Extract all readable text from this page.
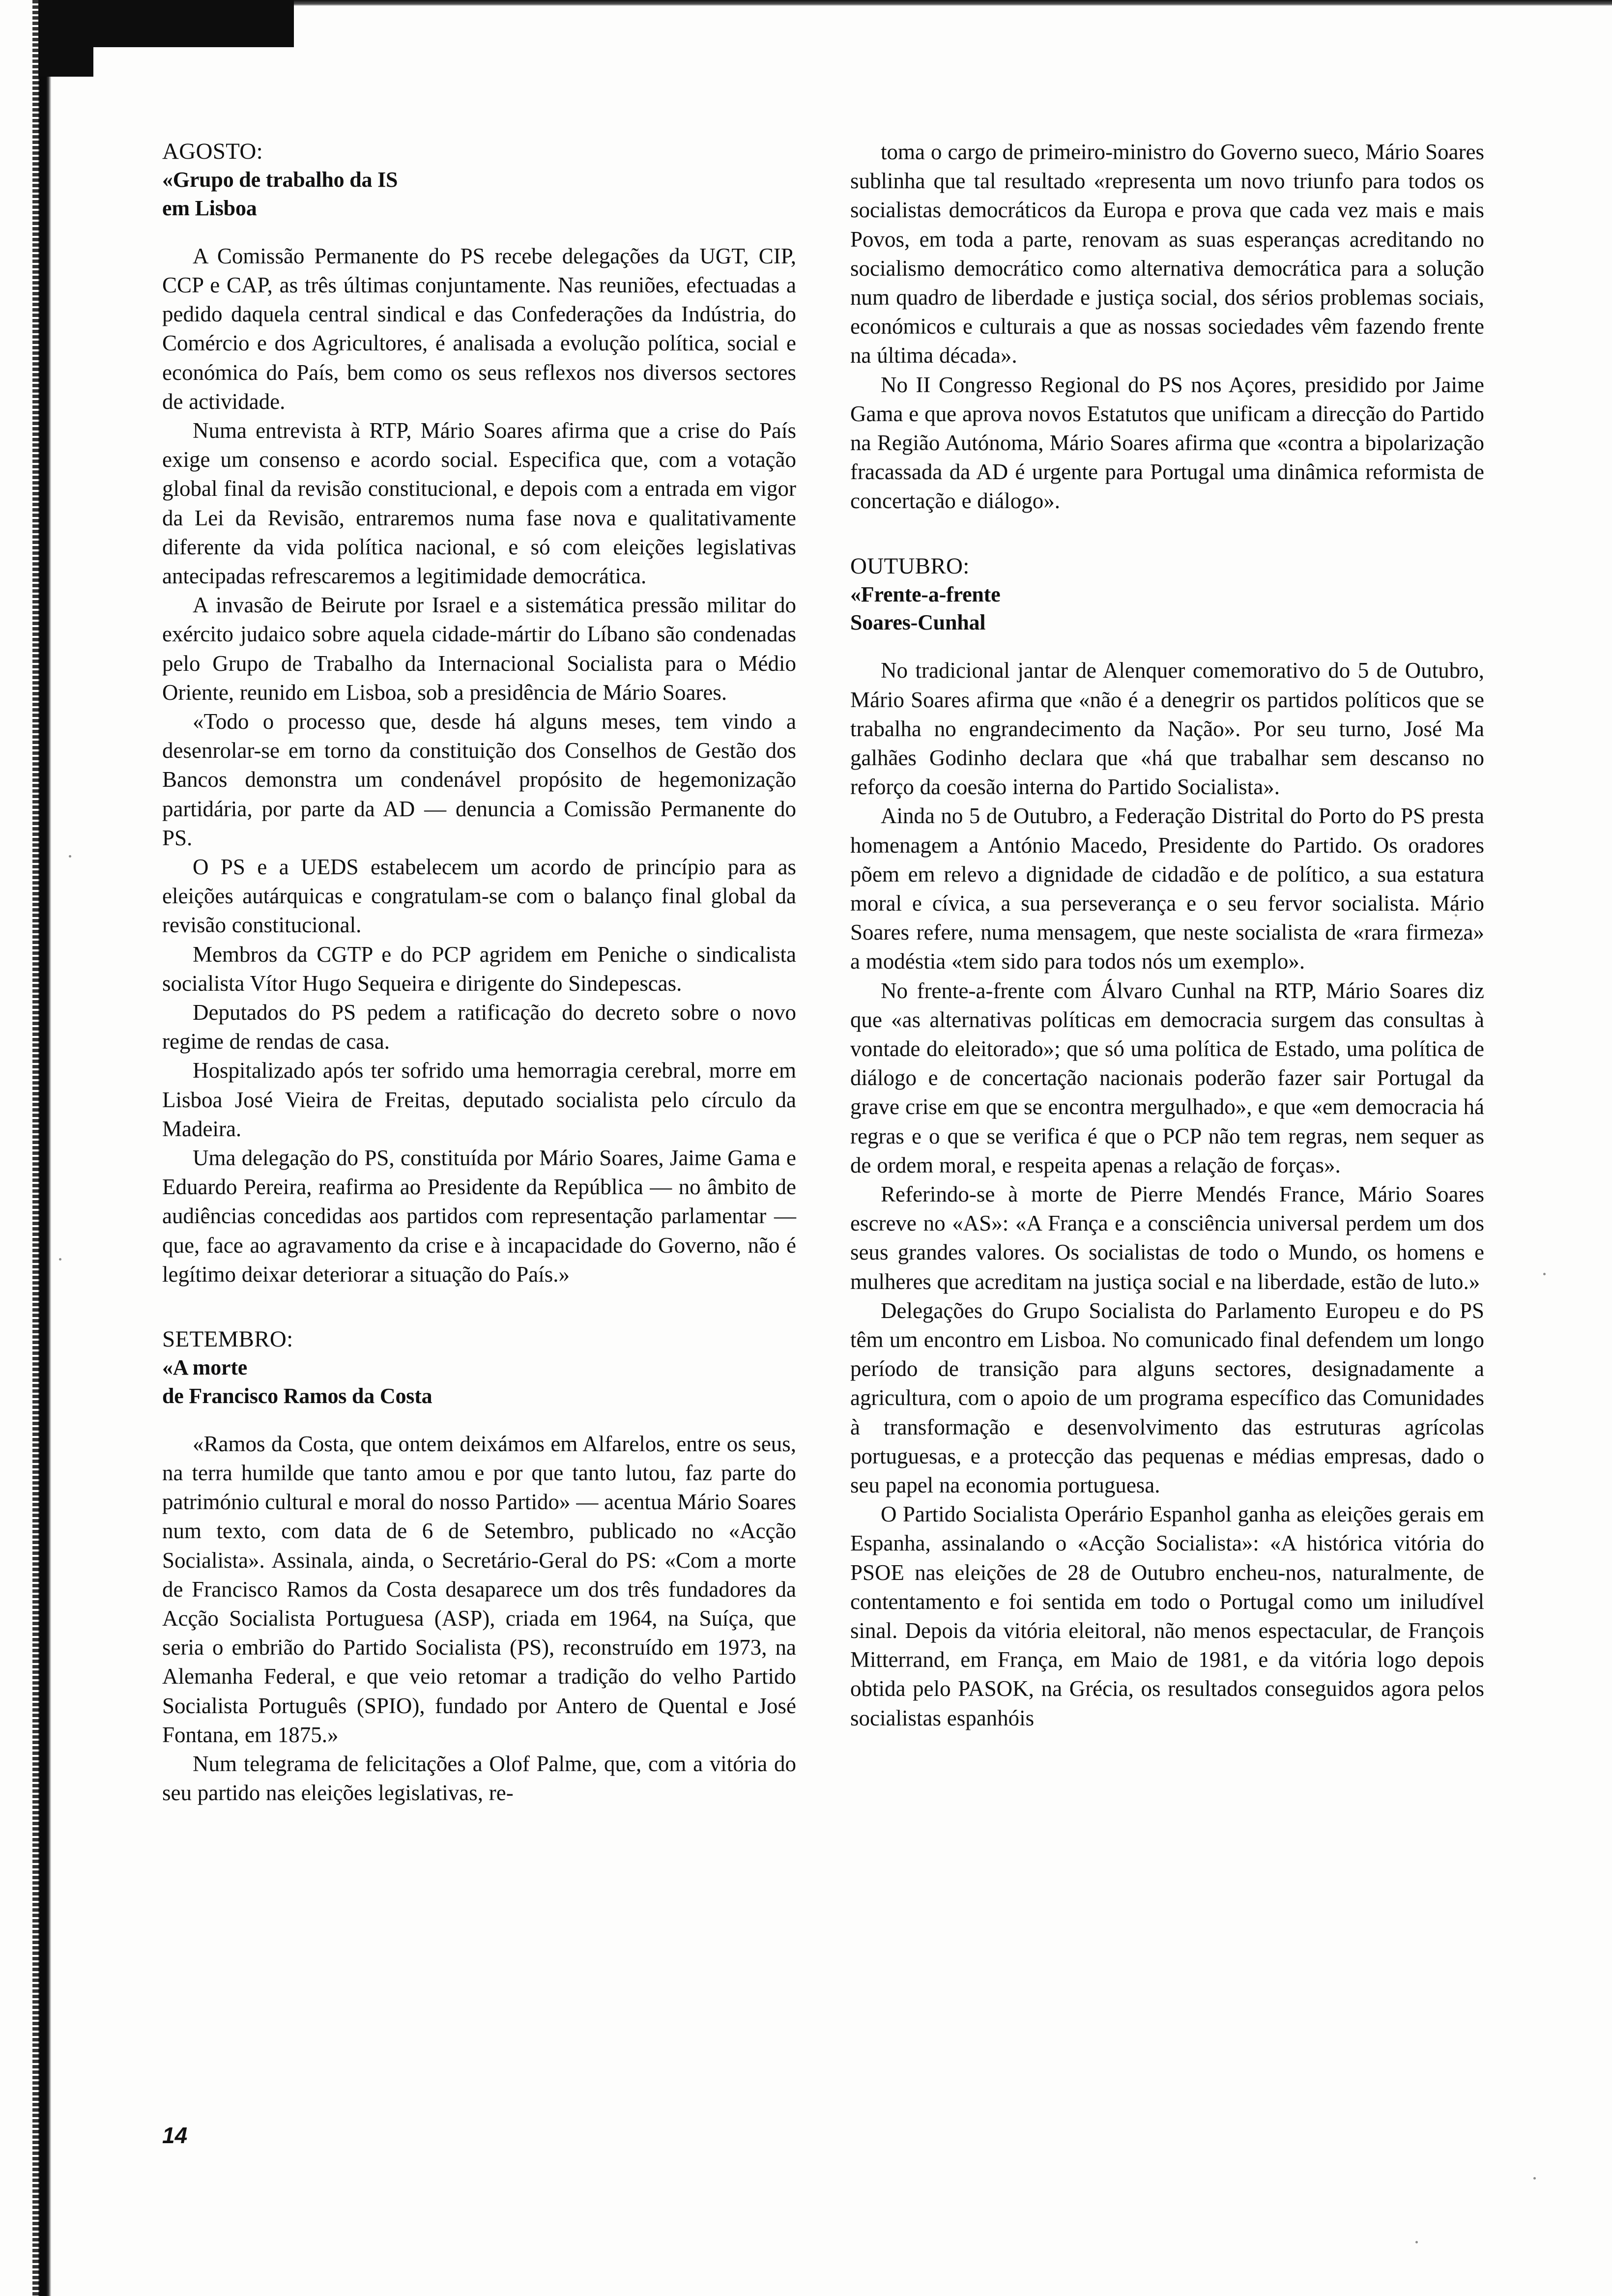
AGOSTO:

«Grupo de trabalho da IS

em Lisboa

A Comissão Permanente do PS recebe delegações da UGT, CIP, CCP e CAP, as três últimas conjuntamente. Nas reuniões, efectuadas a pedido daquela central sindical e das Confederações da Indústria, do Comércio e dos Agricultores, é analisada a evolução política, social e económica do País, bem como os seus reflexos nos diversos sectores de actividade.

Numa entrevista à RTP, Mário Soares afirma que a crise do País exige um consenso e acordo social. Especifica que, com a votação global final da revisão constitucional, e depois com a entrada em vigor da Lei da Revisão, entraremos numa fase nova e qualitativamente diferente da vida política nacional, e só com eleições legislativas antecipadas refrescaremos a legitimidade democrática.

A invasão de Beirute por Israel e a sistemática pressão militar do exército judaico sobre aquela cidade-mártir do Líbano são condenadas pelo Grupo de Trabalho da Internacional Socialista para o Médio Oriente, reunido em Lisboa, sob a presidência de Mário Soares.

«Todo o processo que, desde há alguns meses, tem vindo a desenrolar-se em torno da constituição dos Conselhos de Gestão dos Bancos demonstra um condenável propósito de hegemonização partidária, por parte da AD — denuncia a Comissão Permanente do PS.

O PS e a UEDS estabelecem um acordo de princípio para as eleições autárquicas e congratulam-se com o balanço final global da revisão constitucional.

Membros da CGTP e do PCP agridem em Peniche o sindicalista socialista Vítor Hugo Sequeira e dirigente do Sindepescas.

Deputados do PS pedem a ratificação do decreto sobre o novo regime de rendas de casa.

Hospitalizado após ter sofrido uma hemorragia cerebral, morre em Lisboa José Vieira de Freitas, deputado socialista pelo círculo da Madeira.

Uma delegação do PS, constituída por Mário Soares, Jaime Gama e Eduardo Pereira, reafirma ao Presidente da República — no âmbito de audiências concedidas aos partidos com representação parlamentar — que, face ao agravamento da crise e à incapacidade do Governo, não é legítimo deixar deteriorar a situação do País.»

SETEMBRO:

«A morte

de Francisco Ramos da Costa

«Ramos da Costa, que ontem deixámos em Alfarelos, entre os seus, na terra humilde que tanto amou e por que tanto lutou, faz parte do património cultural e moral do nosso Partido» — acentua Mário Soares num texto, com data de 6 de Setembro, publicado no «Acção Socialista». Assinala, ainda, o Secretário-Geral do PS: «Com a morte de Francisco Ramos da Costa desaparece um dos três fundadores da Acção Socialista Portuguesa (ASP), criada em 1964, na Suíça, que seria o embrião do Partido Socialista (PS), reconstruído em 1973, na Alemanha Federal, e que veio retomar a tradição do velho Partido Socialista Português (SPIO), fundado por Antero de Quental e José Fontana, em 1875.»

Num telegrama de felicitações a Olof Palme, que, com a vitória do seu partido nas eleições legislativas, re-

toma o cargo de primeiro-ministro do Governo sueco, Mário Soares sublinha que tal resultado «representa um novo triunfo para todos os socialistas democráticos da Europa e prova que cada vez mais e mais Povos, em toda a parte, renovam as suas esperanças acreditando no socialismo democrático como alternativa democrática para a solução num quadro de liberdade e justiça social, dos sérios problemas sociais, económicos e culturais a que as nossas sociedades vêm fazendo frente na última década».

No II Congresso Regional do PS nos Açores, presidido por Jaime Gama e que aprova novos Estatutos que unificam a direcção do Partido na Região Autónoma, Mário Soares afirma que «contra a bipolarização fracassada da AD é urgente para Portugal uma dinâmica reformista de concertação e diálogo».

OUTUBRO:

«Frente-a-frente

Soares-Cunhal

No tradicional jantar de Alenquer comemorativo do 5 de Outubro, Mário Soares afirma que «não é a denegrir os partidos políticos que se trabalha no engrandecimento da Nação». Por seu turno, José Ma galhães Godinho declara que «há que trabalhar sem descanso no reforço da coesão interna do Partido Socialista».

Ainda no 5 de Outubro, a Federação Distrital do Porto do PS presta homenagem a António Macedo, Presidente do Partido. Os oradores põem em relevo a dignidade de cidadão e de político, a sua estatura moral e cívica, a sua perseverança e o seu fervor socialista. Mário Soares refere, numa mensagem, que neste socialista de «rara firmeza» a modéstia «tem sido para todos nós um exemplo».

No frente-a-frente com Álvaro Cunhal na RTP, Mário Soares diz que «as alternativas políticas em democracia surgem das consultas à vontade do eleitorado»; que só uma política de Estado, uma política de diálogo e de concertação nacionais poderão fazer sair Portugal da grave crise em que se encontra mergulhado», e que «em democracia há regras e o que se verifica é que o PCP não tem regras, nem sequer as de ordem moral, e respeita apenas a relação de forças».

Referindo-se à morte de Pierre Mendés France, Mário Soares escreve no «AS»: «A França e a consciência universal perdem um dos seus grandes valores. Os socialistas de todo o Mundo, os homens e mulheres que acreditam na justiça social e na liberdade, estão de luto.»

Delegações do Grupo Socialista do Parlamento Europeu e do PS têm um encontro em Lisboa. No comunicado final defendem um longo período de transição para alguns sectores, designadamente a agricultura, com o apoio de um programa específico das Comunidades à transformação e desenvolvimento das estruturas agrícolas portuguesas, e a protecção das pequenas e médias empresas, dado o seu papel na economia portuguesa.

O Partido Socialista Operário Espanhol ganha as eleições gerais em Espanha, assinalando o «Acção Socialista»: «A histórica vitória do PSOE nas eleições de 28 de Outubro encheu-nos, naturalmente, de contentamento e foi sentida em todo o Portugal como um iniludível sinal. Depois da vitória eleitoral, não menos espectacular, de François Mitterrand, em França, em Maio de 1981, e da vitória logo depois obtida pelo PASOK, na Grécia, os resultados conseguidos agora pelos socialistas espanhóis

14
